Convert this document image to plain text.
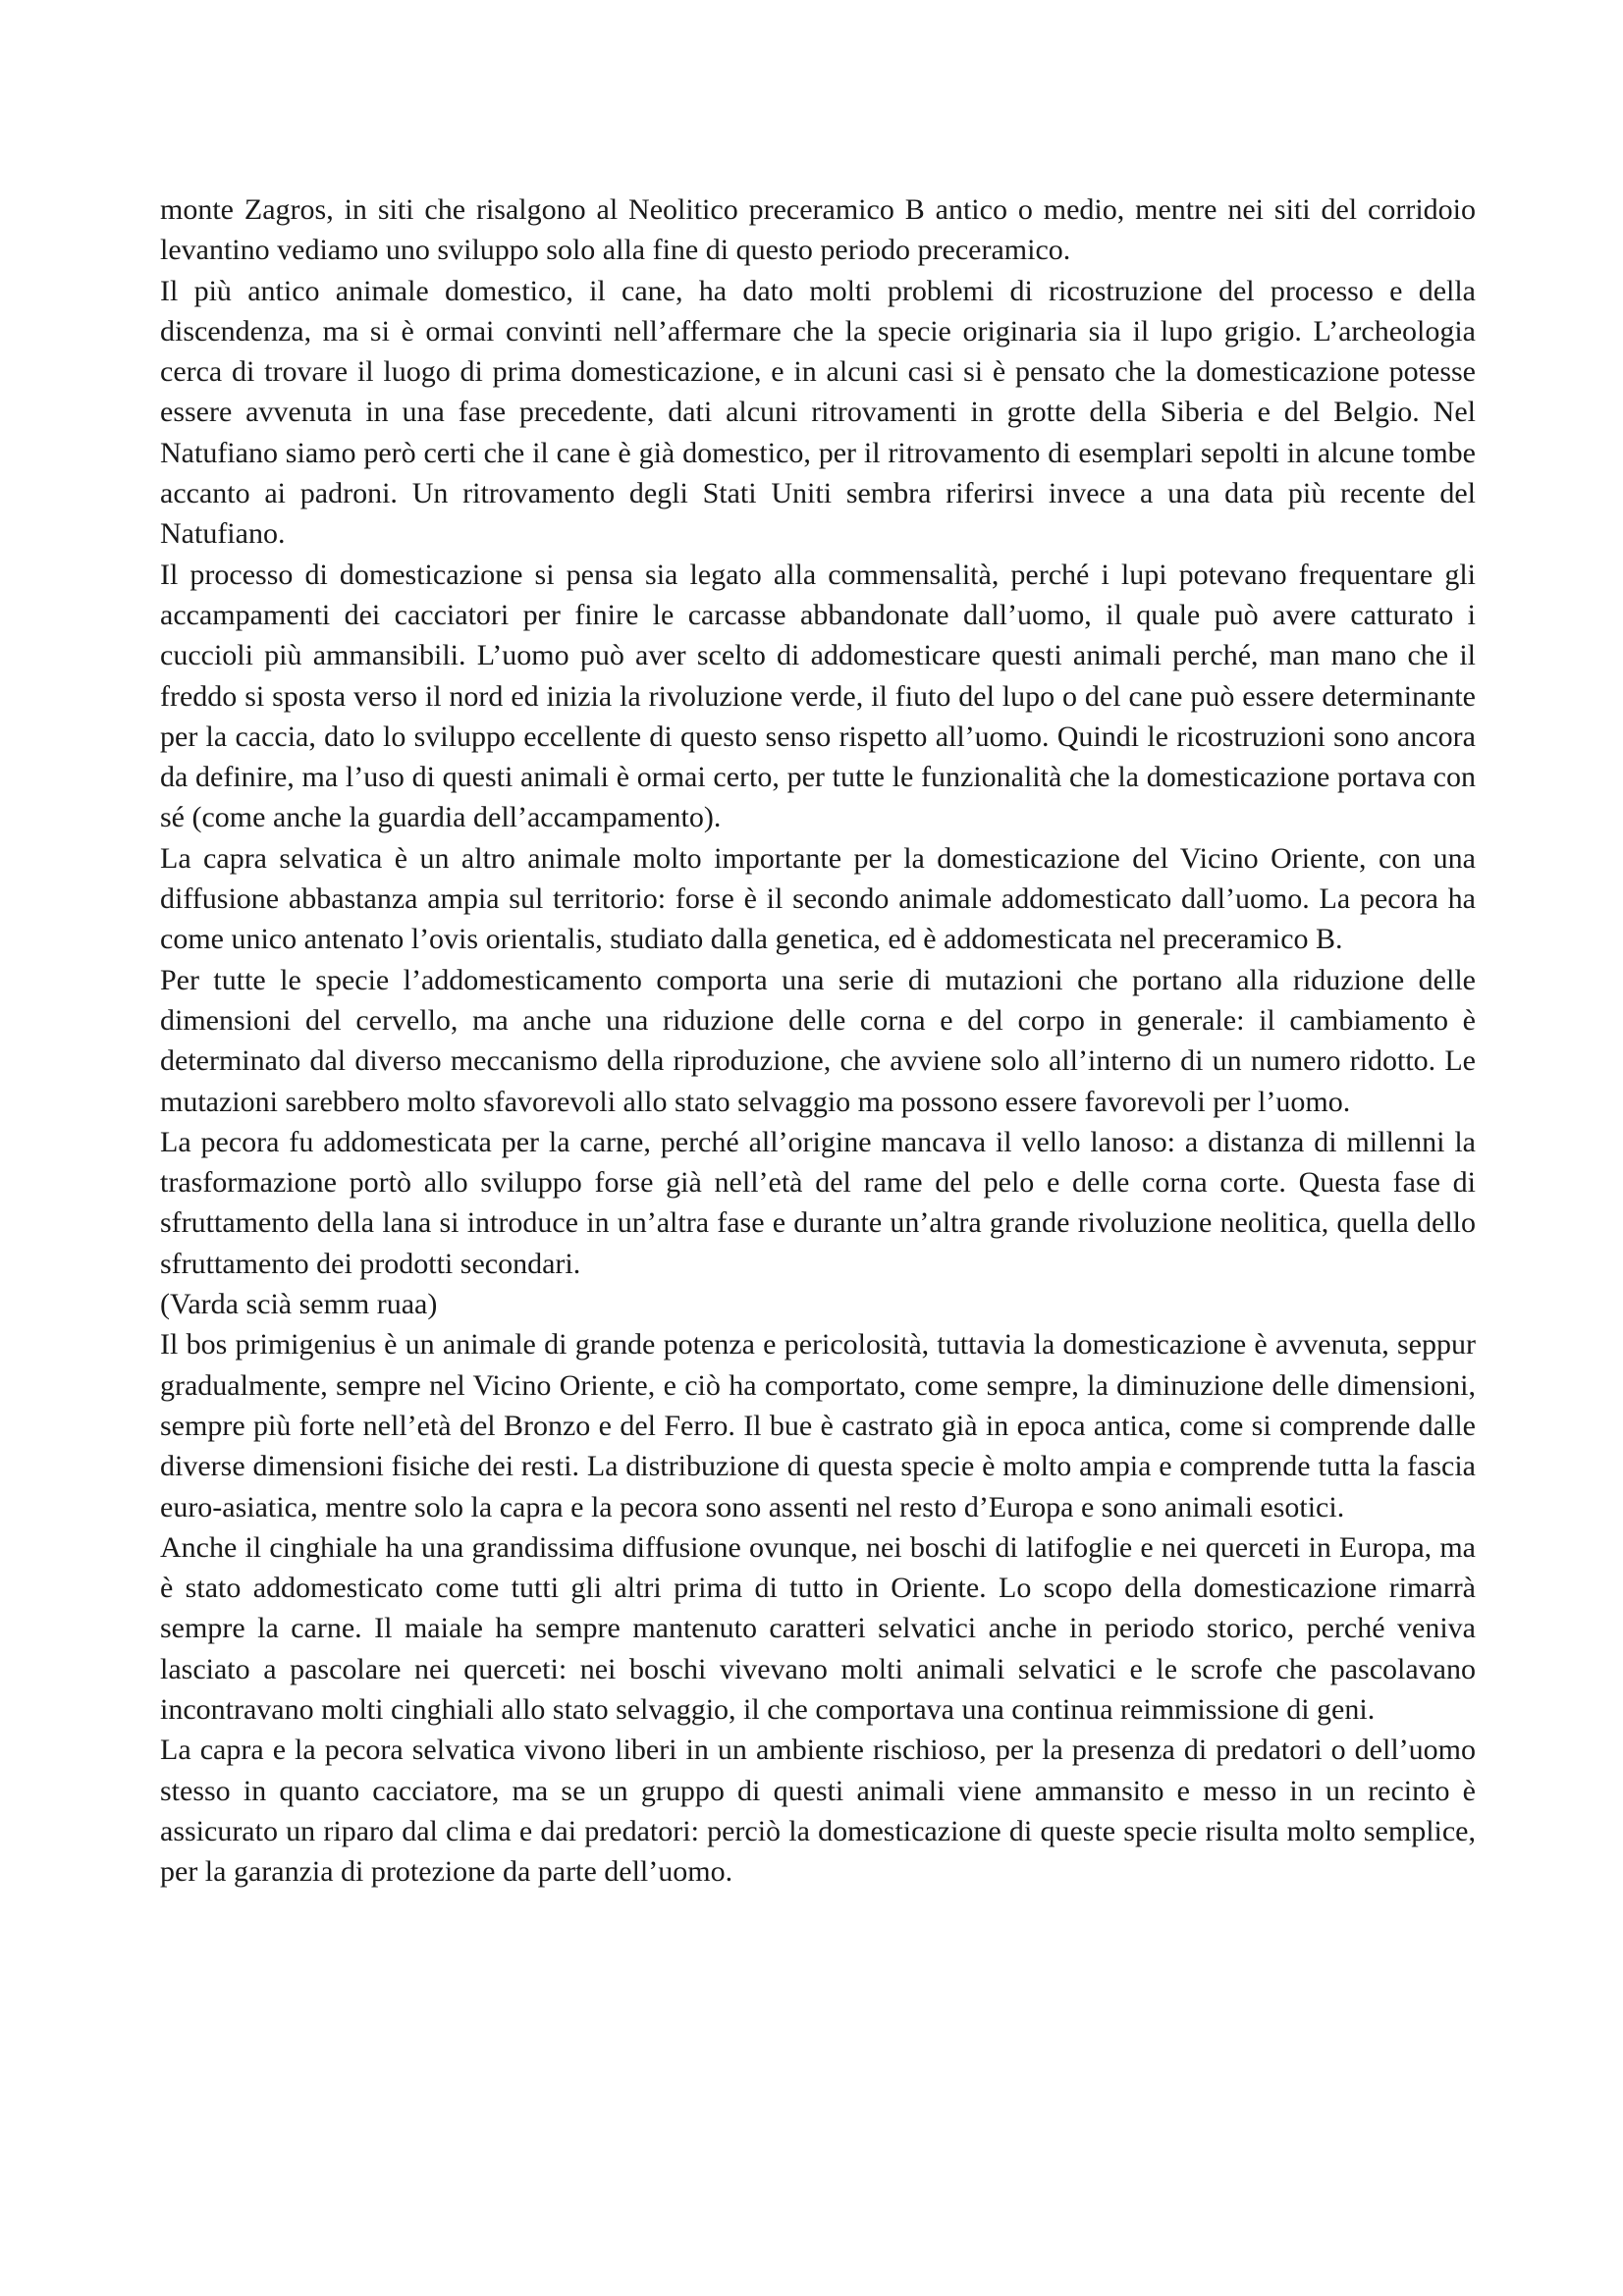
monte Zagros, in siti che risalgono al Neolitico preceramico B antico o medio, mentre nei siti del corridoio levantino vediamo uno sviluppo solo alla fine di questo periodo preceramico.

Il più antico animale domestico, il cane, ha dato molti problemi di ricostruzione del processo e della discendenza, ma si è ormai convinti nell’affermare che la specie originaria sia il lupo grigio. L’archeologia cerca di trovare il luogo di prima domesticazione, e in alcuni casi si è pensato che la domesticazione potesse essere avvenuta in una fase precedente, dati alcuni ritrovamenti in grotte della Siberia e del Belgio. Nel Natufiano siamo però certi che il cane è già domestico, per il ritrovamento di esemplari sepolti in alcune tombe accanto ai padroni. Un ritrovamento degli Stati Uniti sembra riferirsi invece a una data più recente del Natufiano.

Il processo di domesticazione si pensa sia legato alla commensalità, perché i lupi potevano frequentare gli accampamenti dei cacciatori per finire le carcasse abbandonate dall’uomo, il quale può avere catturato i cuccioli più ammansibili. L’uomo può aver scelto di addomesticare questi animali perché, man mano che il freddo si sposta verso il nord ed inizia la rivoluzione verde, il fiuto del lupo o del cane può essere determinante per la caccia, dato lo sviluppo eccellente di questo senso rispetto all’uomo. Quindi le ricostruzioni sono ancora da definire, ma l’uso di questi animali è ormai certo, per tutte le funzionalità che la domesticazione portava con sé (come anche la guardia dell’accampamento).

La capra selvatica è un altro animale molto importante per la domesticazione del Vicino Oriente, con una diffusione abbastanza ampia sul territorio: forse è il secondo animale addomesticato dall’uomo. La pecora ha come unico antenato l’ovis orientalis, studiato dalla genetica, ed è addomesticata nel preceramico B.

Per tutte le specie l’addomesticamento comporta una serie di mutazioni che portano alla riduzione delle dimensioni del cervello, ma anche una riduzione delle corna e del corpo in generale: il cambiamento è determinato dal diverso meccanismo della riproduzione, che avviene solo all’interno di un numero ridotto. Le mutazioni sarebbero molto sfavorevoli allo stato selvaggio ma possono essere favorevoli per l’uomo.

La pecora fu addomesticata per la carne, perché all’origine mancava il vello lanoso: a distanza di millenni la trasformazione portò allo sviluppo forse già nell’età del rame del pelo e delle corna corte. Questa fase di sfruttamento della lana si introduce in un’altra fase e durante un’altra grande rivoluzione neolitica, quella dello sfruttamento dei prodotti secondari.

(Varda scià semm ruaa)

Il bos primigenius è un animale di grande potenza e pericolosità, tuttavia la domesticazione è avvenuta, seppur gradualmente, sempre nel Vicino Oriente, e ciò ha comportato, come sempre, la diminuzione delle dimensioni, sempre più forte nell’età del Bronzo e del Ferro. Il bue è castrato già in epoca antica, come si comprende dalle diverse dimensioni fisiche dei resti. La distribuzione di questa specie è molto ampia e comprende tutta la fascia euro-asiatica, mentre solo la capra e la pecora sono assenti nel resto d’Europa e sono animali esotici.

Anche il cinghiale ha una grandissima diffusione ovunque, nei boschi di latifoglie e nei querceti in Europa, ma è stato addomesticato come tutti gli altri prima di tutto in Oriente. Lo scopo della domesticazione rimarrà sempre la carne. Il maiale ha sempre mantenuto caratteri selvatici anche in periodo storico, perché veniva lasciato a pascolare nei querceti: nei boschi vivevano molti animali selvatici e le scrofe che pascolavano incontravano molti cinghiali allo stato selvaggio, il che comportava una continua reimmissione di geni.

La capra e la pecora selvatica vivono liberi in un ambiente rischioso, per la presenza di predatori o dell’uomo stesso in quanto cacciatore, ma se un gruppo di questi animali viene ammansito e messo in un recinto è assicurato un riparo dal clima e dai predatori: perciò la domesticazione di queste specie risulta molto semplice, per la garanzia di protezione da parte dell’uomo.
